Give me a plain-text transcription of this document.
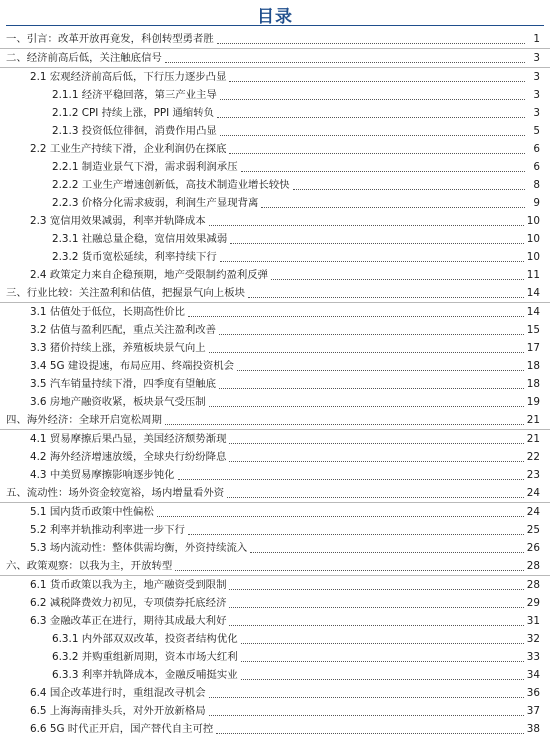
目录
一、引言：改革开放再竟发，科创转型勇者胜	1
二、经济前高后低，关注触底信号	3
2.1 宏观经济前高后低，下行压力逐步凸显	3
2.1.1 经济平稳回落，第三产业主导	3
2.1.2 CPI 持续上涨，PPI 通缩转负	3
2.1.3 投资低位徘徊，消费作用凸显	5
2.2 工业生产持续下滑，企业利润仍在探底	6
2.2.1 制造业景气下滑，需求弱利润承压	6
2.2.2 工业生产增速创新低，高技术制造业增长较快	8
2.2.3 价格分化需求疲弱，利润生产显现背离	9
2.3 宽信用效果减弱，利率并轨降成本	10
2.3.1 社融总量企稳，宽信用效果减弱	10
2.3.2 货币宽松延续，利率持续下行	10
2.4 政策定力来自企稳预期，地产受限制约盈利反弹	11
三、行业比较：关注盈利和估值，把握景气向上板块	14
3.1 估值处于低位，长期高性价比	14
3.2 估值与盈利匹配，重点关注盈利改善	15
3.3 猪价持续上涨，养殖板块景气向上	17
3.4 5G 建设提速，布局应用、终端投资机会	18
3.5 汽车销量持续下滑，四季度有望触底	18
3.6 房地产融资收紧，板块景气受压制	19
四、海外经济：全球开启宽松周期	21
4.1 贸易摩擦后果凸显，美国经济颓势渐现	21
4.2 海外经济增速放缓，全球央行纷纷降息	22
4.3 中美贸易摩擦影响逐步钝化	23
五、流动性：场外资金较宽裕，场内增量看外资	24
5.1 国内货币政策中性偏松	24
5.2 利率并轨推动利率进一步下行	25
5.3 场内流动性：整体供需均衡，外资持续流入	26
六、政策观察：以我为主，开放转型	28
6.1 货币政策以我为主，地产融资受到限制	28
6.2 减税降费效力初见，专项债券托底经济	29
6.3 金融改革正在进行，期待其成最大利好	31
6.3.1 内外部双双改革，投资者结构优化	32
6.3.2 并购重组新周期，资本市场大红利	33
6.3.3 利率并轨降成本，金融反哺挺实业	34
6.4 国企改革进行时，重组混改寻机会	36
6.5 上海海南排头兵，对外开放新格局	37
6.6 5G 时代正开启，国产替代自主可控	38
